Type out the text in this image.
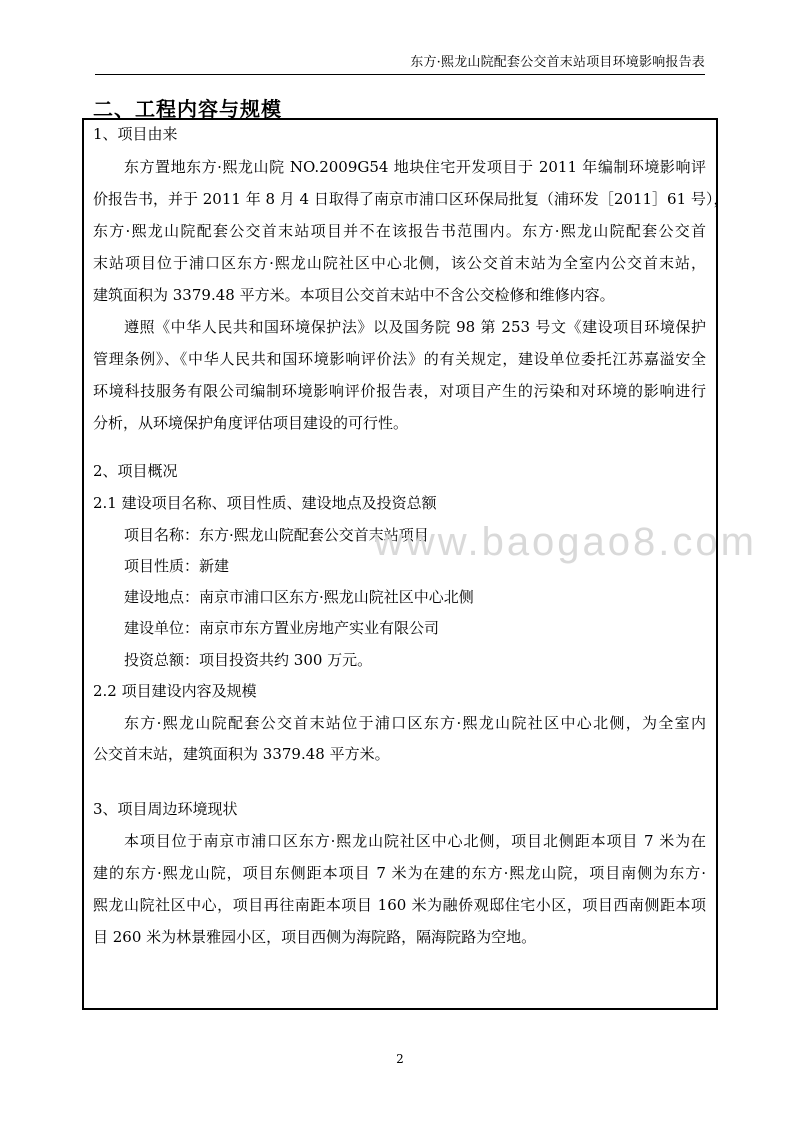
东方·熙龙山院配套公交首末站项目环境影响报告表
二、工程内容与规模
1、项目由来
东方置地东方·熙龙山院 NO.2009G54 地块住宅开发项目于 2011 年编制环境影响评
价报告书，并于 2011 年 8 月 4 日取得了南京市浦口区环保局批复（浦环发［2011］61 号），
东方·熙龙山院配套公交首末站项目并不在该报告书范围内。东方·熙龙山院配套公交首
末站项目位于浦口区东方·熙龙山院社区中心北侧，该公交首末站为全室内公交首末站，
建筑面积为 3379.48 平方米。本项目公交首末站中不含公交检修和维修内容。
遵照《中华人民共和国环境保护法》以及国务院 98 第 253 号文《建设项目环境保护
管理条例》、《中华人民共和国环境影响评价法》的有关规定，建设单位委托江苏嘉溢安全
环境科技服务有限公司编制环境影响评价报告表，对项目产生的污染和对环境的影响进行
分析，从环境保护角度评估项目建设的可行性。
2、项目概况
2.1 建设项目名称、项目性质、建设地点及投资总额
项目名称：东方·熙龙山院配套公交首末站项目
项目性质：新建
建设地点：南京市浦口区东方·熙龙山院社区中心北侧
建设单位：南京市东方置业房地产实业有限公司
投资总额：项目投资共约 300 万元。
2.2 项目建设内容及规模
东方·熙龙山院配套公交首末站位于浦口区东方·熙龙山院社区中心北侧，为全室内
公交首末站，建筑面积为 3379.48 平方米。
3、项目周边环境现状
本项目位于南京市浦口区东方·熙龙山院社区中心北侧，项目北侧距本项目 7 米为在
建的东方·熙龙山院，项目东侧距本项目 7 米为在建的东方·熙龙山院，项目南侧为东方·
熙龙山院社区中心，项目再往南距本项目 160 米为融侨观邸住宅小区，项目西南侧距本项
目 260 米为林景雅园小区，项目西侧为海院路，隔海院路为空地。
www.baogao8.com
2
